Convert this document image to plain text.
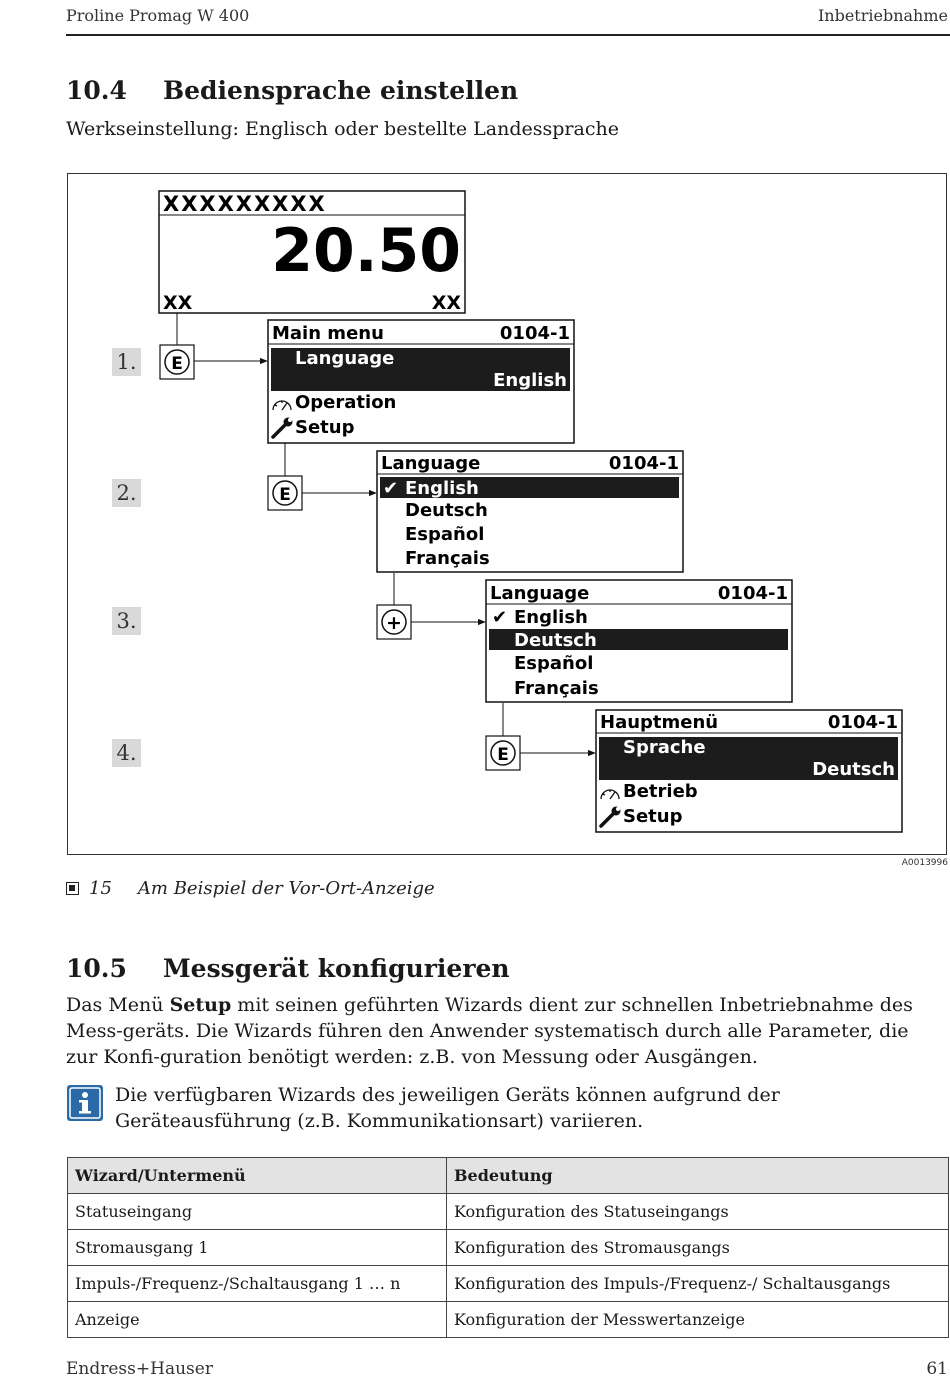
Proline Promag W 400	Inbetriebnahme
10.4 Bediensprache einstellen
Werkseinstellung: Englisch oder bestellte Landessprache
XXXXXXXXX
20.50
XX	XX
1.
2.
3.
4.
E
E
+
E
Main menu	0104-1
Language
English
Operation
Setup
Language	0104-1
✔ English
Deutsch
Español
Français
Language	0104-1
✔ English
Deutsch
Español
Français
Hauptmenü	0104-1
Sprache
Deutsch
Betrieb
Setup
A0013996
15 Am Beispiel der Vor-Ort-Anzeige
10.5 Messgerät konfigurieren
Das Menü Setup mit seinen geführten Wizards dient zur schnellen Inbetriebnahme des Mess-geräts. Die Wizards führen den Anwender systematisch durch alle Parameter, die zur Konfi-guration benötigt werden: z.B. von Messung oder Ausgängen.
Die verfügbaren Wizards des jeweiligen Geräts können aufgrund der Geräteausführung (z.B. Kommunikationsart) variieren.
Wizard/Untermenü	Bedeutung
Statuseingang	Konfiguration des Statuseingangs
Stromausgang 1	Konfiguration des Stromausgangs
Impuls-/Frequenz-/Schaltausgang 1 … n	Konfiguration des Impuls-/Frequenz-/ Schaltausgangs
Anzeige	Konfiguration der Messwertanzeige
Endress+Hauser	61
